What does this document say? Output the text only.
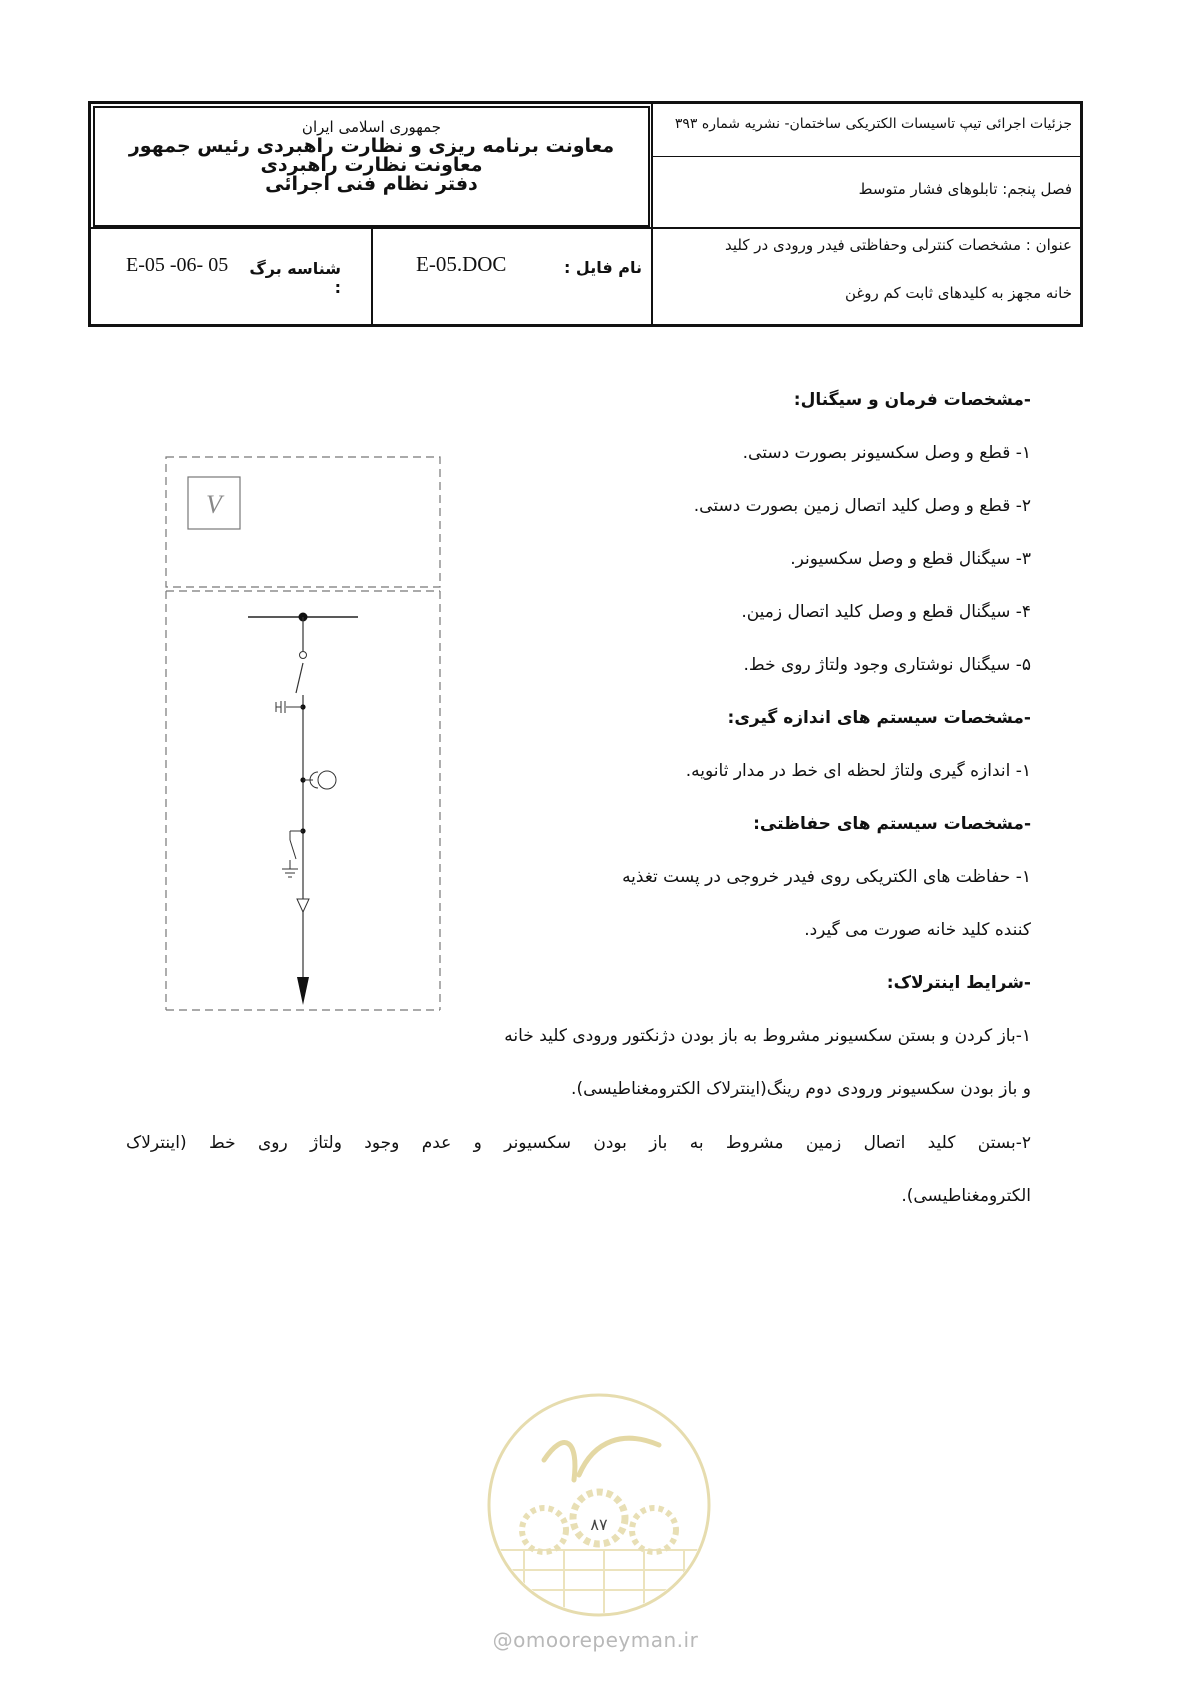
جمهوری اسلامی ایران
معاونت برنامه ریزی و نظارت راهبردی رئیس جمهور
معاونت نظارت راهبردی
دفتر نظام فنی اجرائی
جزئیات اجرائی تیپ تاسیسات الکتریکی ساختمان- نشریه شماره ۳۹۳
فصل پنجم: تابلوهای فشار متوسط
عنوان : مشخصات کنترلی وحفاظتی فیدر ورودی در کلید
خانه مجهز به کلیدهای ثابت کم روغن
نام فایل :
E-05.DOC
شناسه برگ :
E-05 -06- 05

-مشخصات فرمان و سیگنال:

۱- قطع و وصل سکسیونر بصورت دستی.

۲- قطع و وصل کلید اتصال زمین بصورت دستی.

۳- سیگنال قطع و وصل سکسیونر.

۴- سیگنال قطع و وصل کلید اتصال زمین.

۵- سیگنال نوشتاری وجود ولتاژ روی خط.

-مشخصات سیستم های اندازه گیری:

۱- اندازه گیری ولتاژ لحظه ای خط در مدار ثانویه.

-مشخصات سیستم های حفاظتی:

۱- حفاظت های الکتریکی روی فیدر خروجی در پست تغذیه

کننده کلید خانه صورت می گیرد.

-شرایط اینترلاک:

۱-باز کردن و بستن سکسیونر مشروط به باز بودن دژنکتور ورودی کلید خانه

و باز بودن سکسیونر ورودی دوم رینگ(اینترلاک الکترومغناطیسی).

۲-بستن کلید اتصال زمین مشروط به باز بودن سکسیونر و عدم وجود ولتاژ روی خط (اینترلاک

الکترومغناطیسی).

V
۸۷
@omoorepeyman.ir
